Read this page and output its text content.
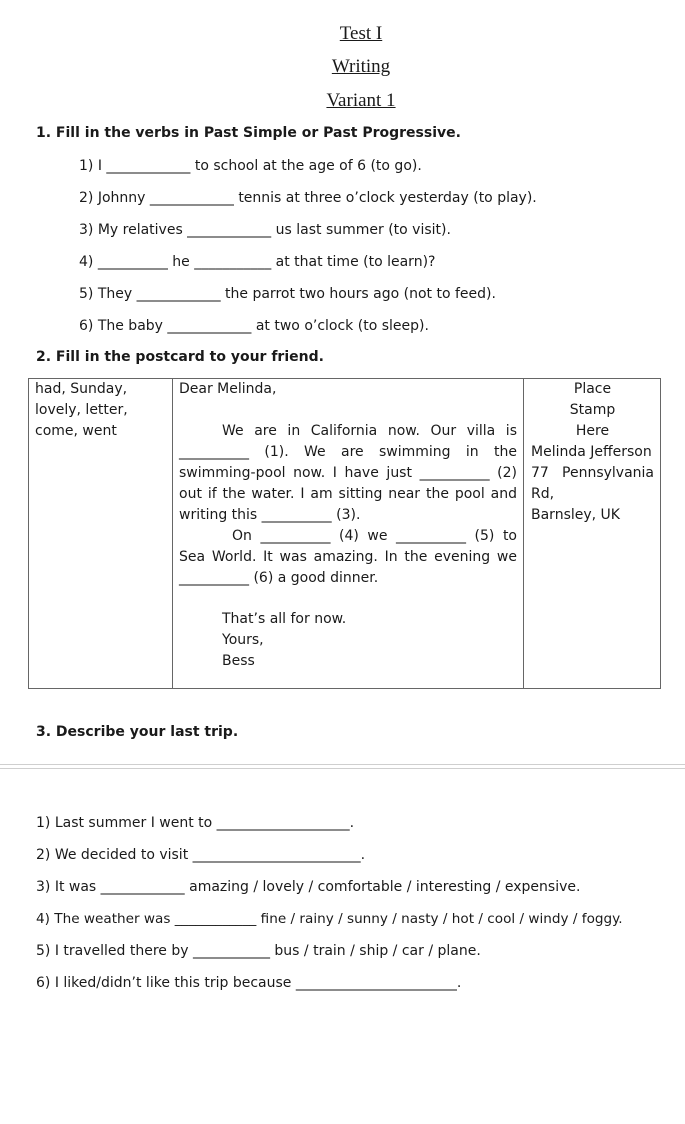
Test I
Writing
Variant 1
1. Fill in the verbs in Past Simple or Past Progressive.
1) I ____________ to school at the age of 6 (to go).
2) Johnny ____________ tennis at three o’clock yesterday (to play).
3) My relatives ____________ us last summer (to visit).
4) __________ he ___________ at that time (to learn)?
5) They ____________ the parrot two hours ago (not to feed).
6) The baby ____________ at two o’clock (to sleep).
2. Fill in the postcard to your friend.
had, Sunday,
lovely, letter,
come, went
Dear Melinda,
We are in California now. Our villa is
__________ (1). We are swimming in the
swimming-pool now. I have just __________ (2)
out if the water. I am sitting near the pool and
writing this __________ (3).
On __________ (4) we __________ (5) to
Sea World. It was amazing. In the evening we
__________ (6) a good dinner.
That’s all for now.
Yours,
Bess
Place
Stamp
Here
Melinda Jefferson
77 Pennsylvania
Rd,
Barnsley, UK
3. Describe your last trip.
1) Last summer I went to ___________________.
2) We decided to visit ________________________.
3) It was ____________ amazing / lovely / comfortable / interesting / expensive.
4) The weather was ____________ fine / rainy / sunny / nasty / hot / cool / windy / foggy.
5) I travelled there by ___________ bus / train / ship / car / plane.
6) I liked/didn’t like this trip because _______________________.
